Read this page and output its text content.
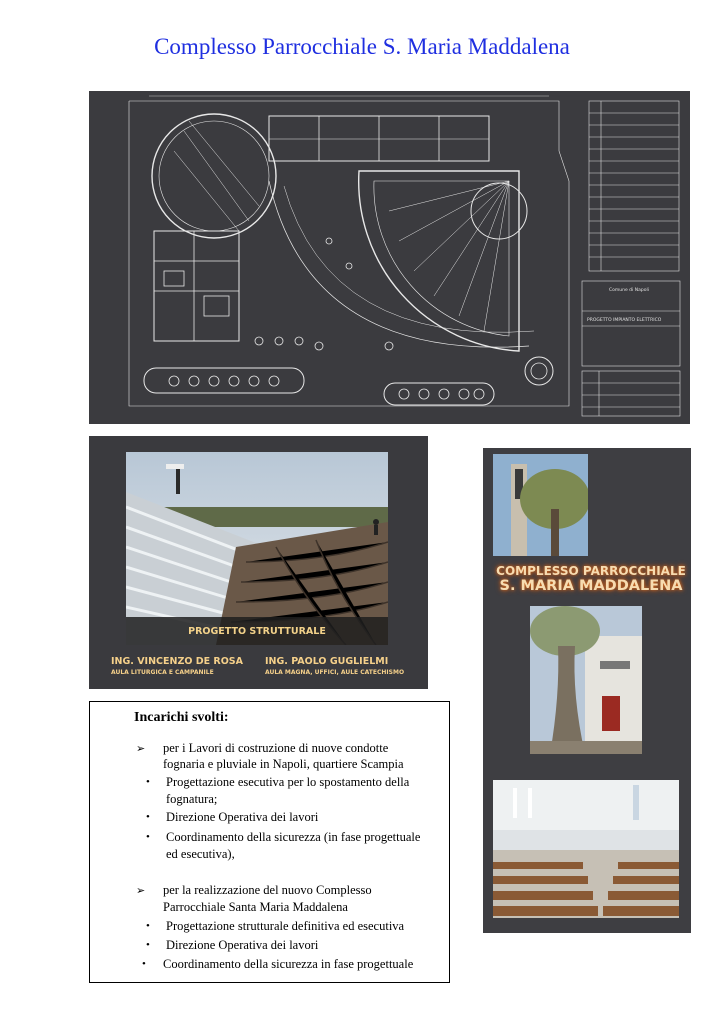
Complesso Parrocchiale S. Maria Maddalena
Comune di Napoli
PROGETTO IMPIANTO ELETTRICO
PROGETTO STRUTTURALE
ING. VINCENZO DE ROSA
AULA LITURGICA E CAMPANILE
ING. PAOLO GUGLIELMI
AULA MAGNA, UFFICI, AULE CATECHISMO
COMPLESSO PARROCCHIALE
S. MARIA MADDALENA
Incarichi svolti:
➢ per i Lavori di costruzione di nuove condotte
fognaria e pluviale in Napoli, quartiere Scampia
• Progettazione esecutiva per lo spostamento della
fognatura;
• Direzione Operativa dei lavori
• Coordinamento della sicurezza (in fase progettuale
ed esecutiva),
➢ per la realizzazione del nuovo Complesso
Parrocchiale Santa Maria Maddalena
• Progettazione strutturale definitiva ed esecutiva
• Direzione Operativa dei lavori
• Coordinamento della sicurezza in fase progettuale
